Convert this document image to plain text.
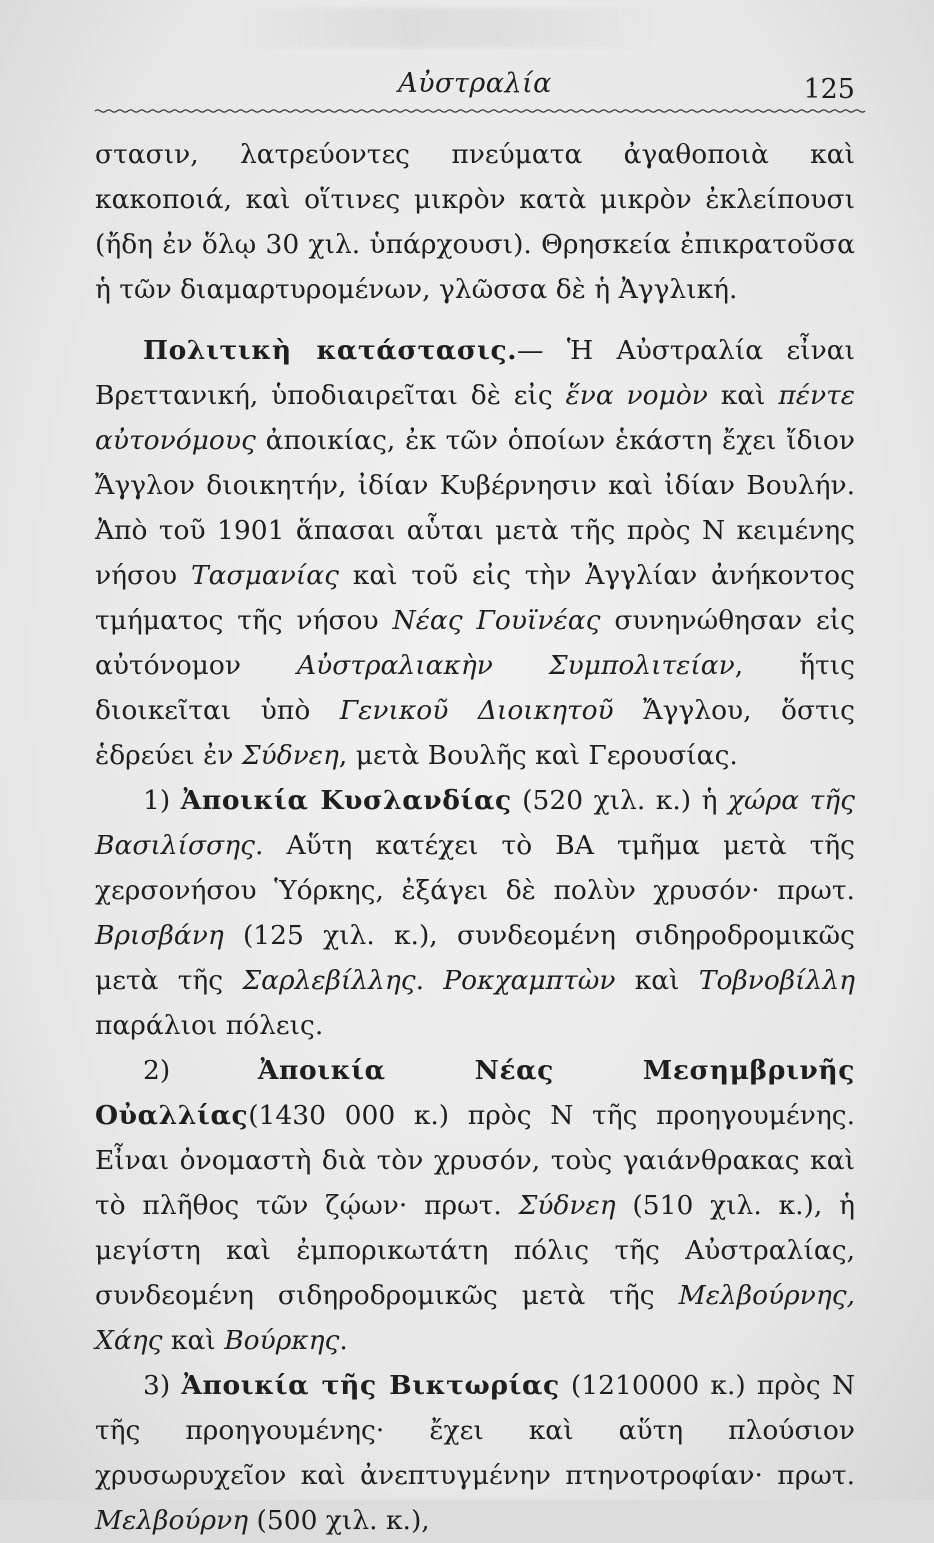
Αὐστραλία	125

στασιν, λατρεύοντες πνεύματα ἀγαθοποιὰ καὶ κακοποιά, καὶ οἵτινες μικρὸν κατὰ μικρὸν ἐκλείπουσι (ἤδη ἐν ὅλῳ 30 χιλ. ὑπάρχουσι). Θρησκεία ἐπικρατοῦσα ἡ τῶν διαμαρτυρομένων, γλῶσσα δὲ ἡ Ἀγγλική.

Πολιτικὴ κατάστασις.— Ἡ Αὐστραλία εἶναι Βρεττανική, ὑποδιαιρεῖται δὲ εἰς ἕνα νομὸν καὶ πέντε αὐτονόμους ἀποικίας, ἐκ τῶν ὁποίων ἑκάστη ἔχει ἴδιον Ἄγγλον διοικητήν, ἰδίαν Κυβέρνησιν καὶ ἰδίαν Βουλήν. Ἀπὸ τοῦ 1901 ἅπασαι αὗται μετὰ τῆς πρὸς Ν κειμένης νήσου Τασμανίας καὶ τοῦ εἰς τὴν Ἀγγλίαν ἀνήκοντος τμήματος τῆς νήσου Νέας Γουϊνέας συνηνώθησαν εἰς αὐτόνομον Αὐστραλιακὴν Συμπολιτείαν, ἥτις διοικεῖται ὑπὸ Γενικοῦ Διοικητοῦ Ἄγγλου, ὅστις ἑδρεύει ἐν Σύδνεη, μετὰ Βουλῆς καὶ Γερουσίας.

1) Ἀποικία Κυσλανδίας (520 χιλ. κ.) ἡ χώρα τῆς Βασιλίσσης. Αὕτη κατέχει τὸ ΒΑ τμῆμα μετὰ τῆς χερσονήσου Ὑόρκης, ἐξάγει δὲ πολὺν χρυσόν· πρωτ. Βρισβάνη (125 χιλ. κ.), συνδεομένη σιδηροδρομικῶς μετὰ τῆς Σαρλεβίλλης. Ροκχαμπτὼν καὶ Τοβνοβίλλη παράλιοι πόλεις.

2) Ἀποικία Νέας Μεσημβρινῆς Οὐαλλίας(1430 000 κ.) πρὸς Ν τῆς προηγουμένης. Εἶναι ὀνομαστὴ διὰ τὸν χρυσόν, τοὺς γαιάνθρακας καὶ τὸ πλῆθος τῶν ζῴων· πρωτ. Σύδνεη (510 χιλ. κ.), ἡ μεγίστη καὶ ἐμπορικωτάτη πόλις τῆς Αὐστραλίας, συνδεομένη σιδηροδρομικῶς μετὰ τῆς Μελβούρνης, Χάης καὶ Βούρκης.

3) Ἀποικία τῆς Βικτωρίας (1210000 κ.) πρὸς Ν τῆς προηγουμένης· ἔχει καὶ αὕτη πλούσιον χρυσωρυχεῖον καὶ ἀνεπτυγμένην πτηνοτροφίαν· πρωτ. Μελβούρνη (500 χιλ. κ.),
